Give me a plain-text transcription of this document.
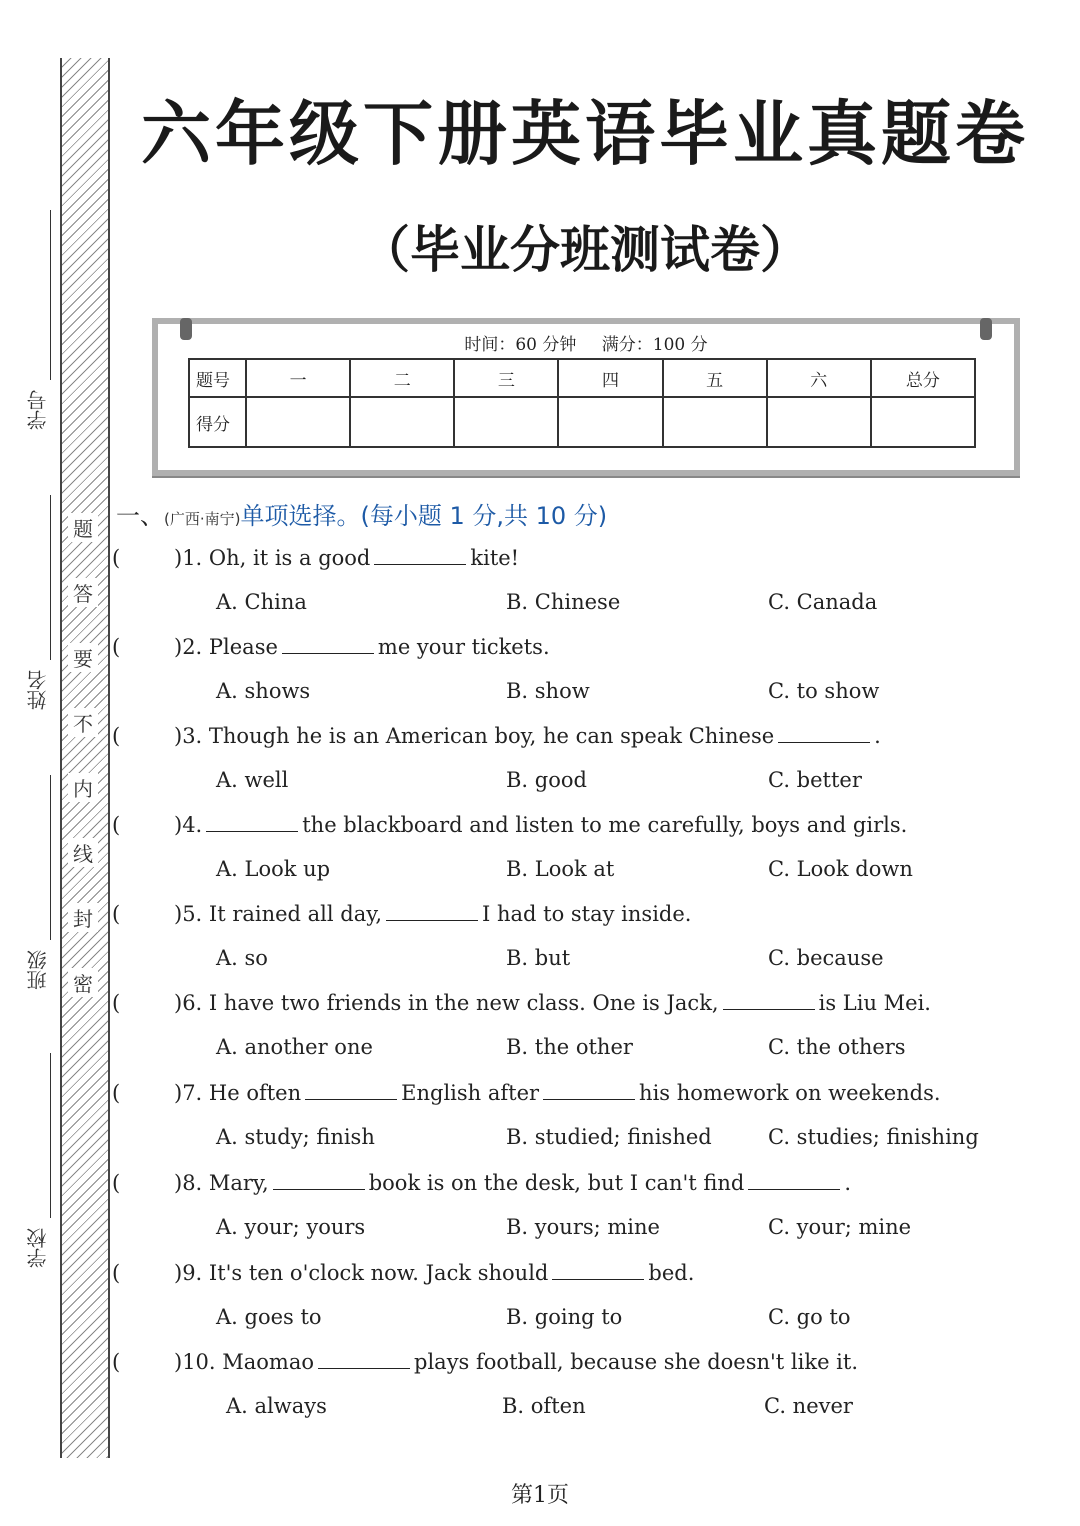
题
答
要
不
内
线
封
密
学号
姓名
班级
学校
六年级下册英语毕业真题卷
（毕业分班测试卷）
时间：60 分钟 满分：100 分
题号	一	二	三	四	五	六	总分
得分							
一、(广西·南宁)单项选择。(每小题 1 分,共 10 分)
(	)1. Oh, it is a good	kite!
A. China	B. Chinese	C. Canada
(	)2. Please	me your tickets.
A. shows	B. show	C. to show
(	)3. Though he is an American boy, he can speak Chinese	.
A. well	B. good	C. better
(	)4.	the blackboard and listen to me carefully, boys and girls.
A. Look up	B. Look at	C. Look down
(	)5. It rained all day,	I had to stay inside.
A. so	B. but	C. because
(	)6. I have two friends in the new class. One is Jack,	is Liu Mei.
A. another one	B. the other	C. the others
(	)7. He often	English after	his homework on weekends.
A. study; finish	B. studied; finished	C. studies; finishing
(	)8. Mary,	book is on the desk, but I can't find	.
A. your; yours	B. yours; mine	C. your; mine
(	)9. It's ten o'clock now. Jack should	bed.
A. goes to	B. going to	C. go to
(	)10. Maomao	plays football, because she doesn't like it.
A. always	B. often	C. never
第1页
